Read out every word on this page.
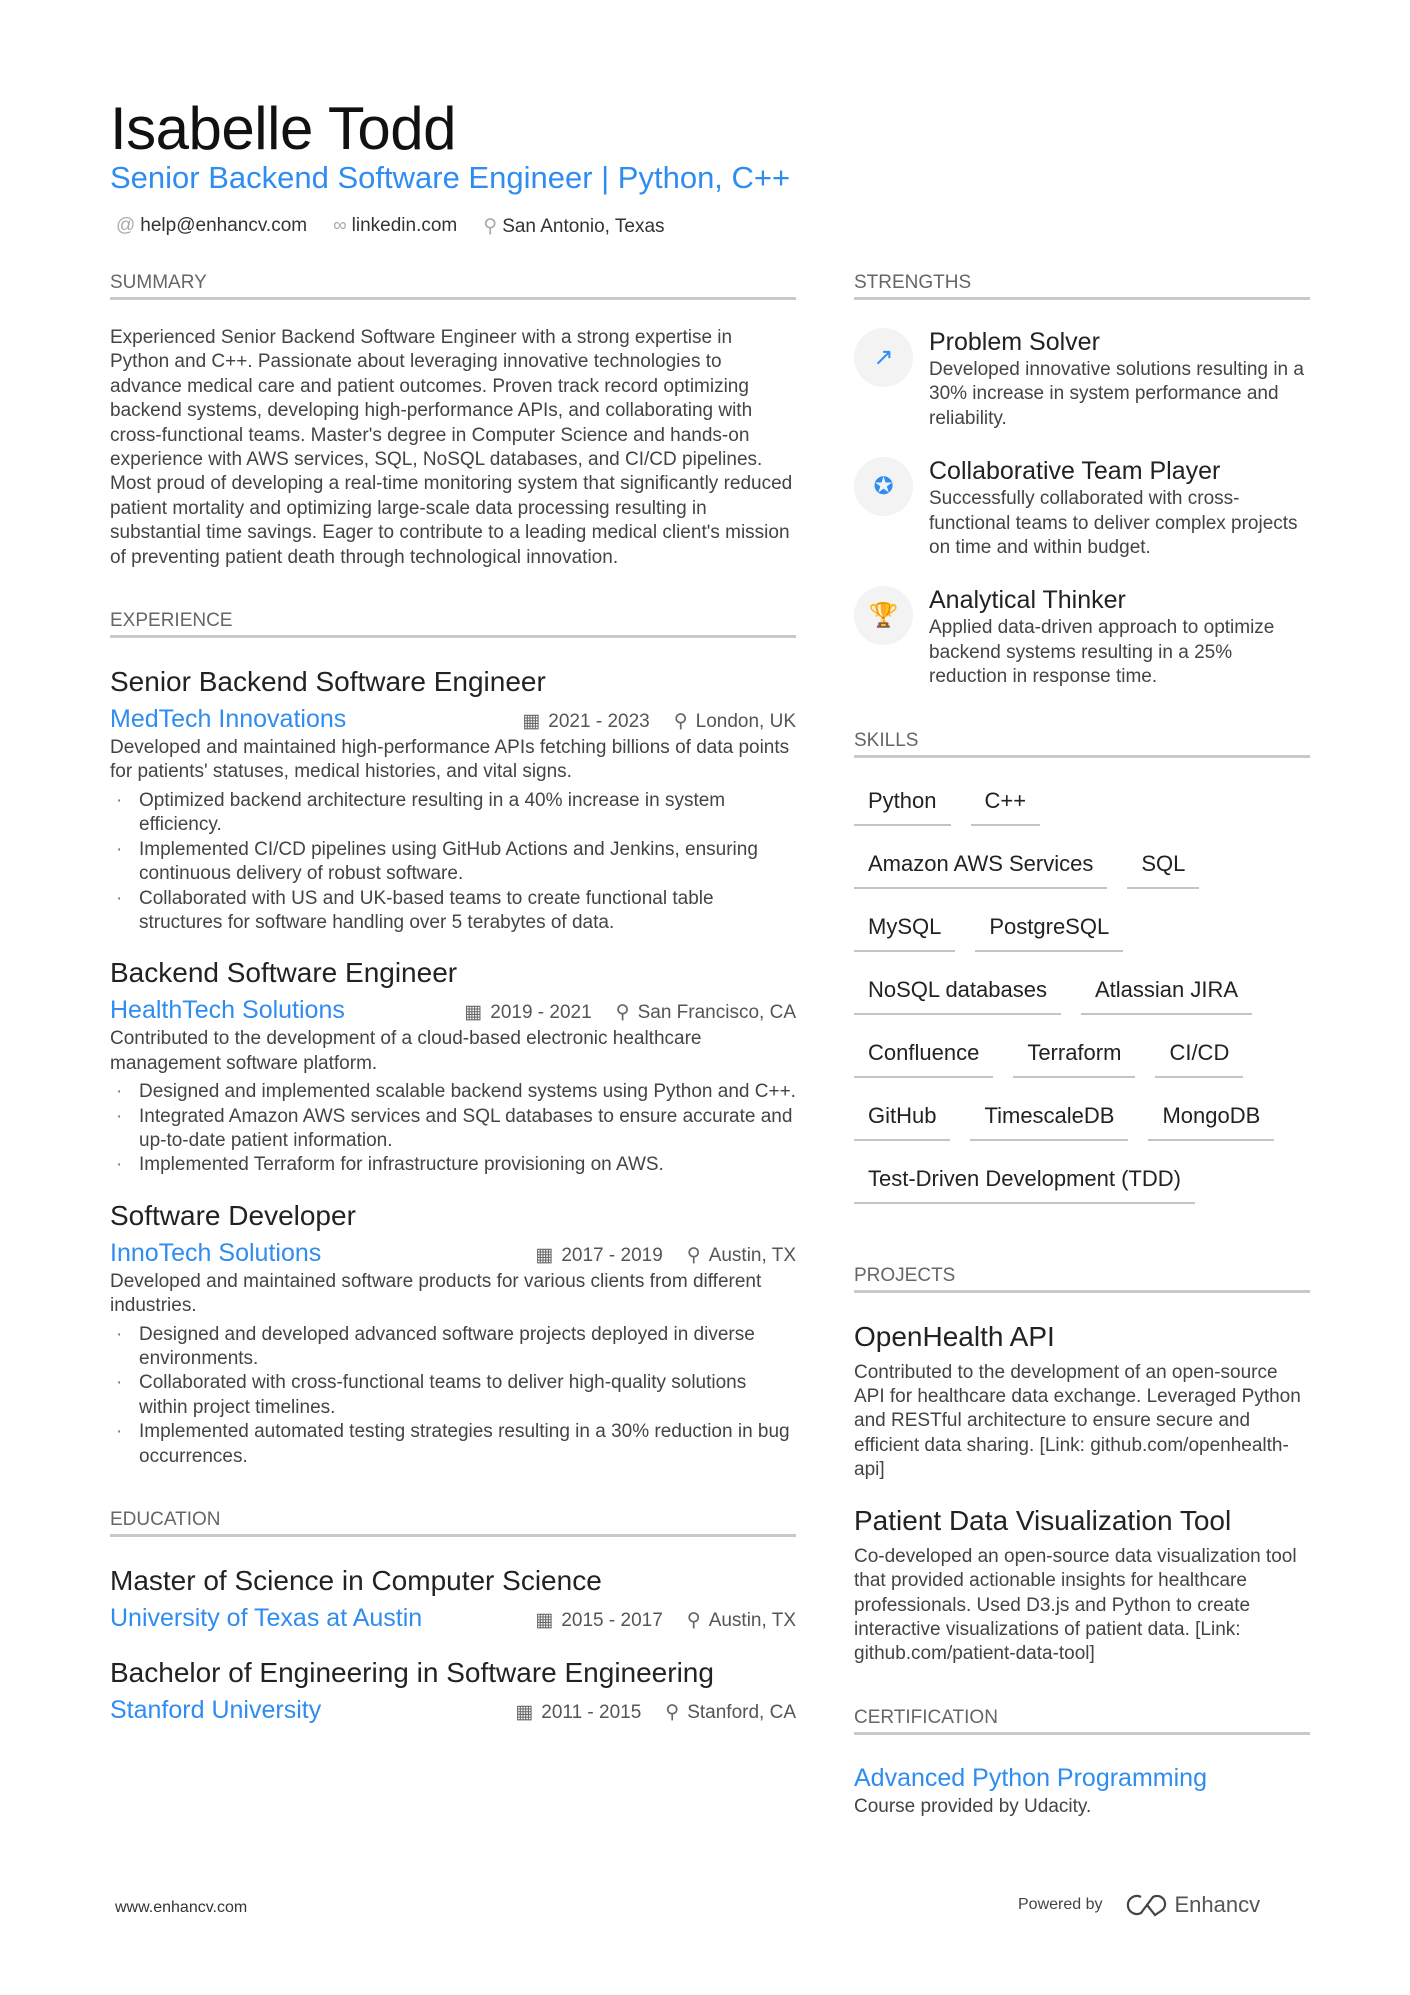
Isabelle Todd
Senior Backend Software Engineer | Python, C++
@ help@enhancv.com ∞ linkedin.com ⚲ San Antonio, Texas
SUMMARY
Experienced Senior Backend Software Engineer with a strong expertise in Python and C++. Passionate about leveraging innovative technologies to advance medical care and patient outcomes. Proven track record optimizing backend systems, developing high-performance APIs, and collaborating with cross-functional teams. Master's degree in Computer Science and hands-on experience with AWS services, SQL, NoSQL databases, and CI/CD pipelines. Most proud of developing a real-time monitoring system that significantly reduced patient mortality and optimizing large-scale data processing resulting in substantial time savings. Eager to contribute to a leading medical client's mission of preventing patient death through technological innovation.
EXPERIENCE
Senior Backend Software Engineer
MedTech Innovations	▦ 2021 - 2023 ⚲ London, UK
Developed and maintained high-performance APIs fetching billions of data points for patients' statuses, medical histories, and vital signs.
· Optimized backend architecture resulting in a 40% increase in system efficiency.
· Implemented CI/CD pipelines using GitHub Actions and Jenkins, ensuring continuous delivery of robust software.
· Collaborated with US and UK-based teams to create functional table structures for software handling over 5 terabytes of data.
Backend Software Engineer
HealthTech Solutions	▦ 2019 - 2021 ⚲ San Francisco, CA
Contributed to the development of a cloud-based electronic healthcare management software platform.
· Designed and implemented scalable backend systems using Python and C++.
· Integrated Amazon AWS services and SQL databases to ensure accurate and up-to-date patient information.
· Implemented Terraform for infrastructure provisioning on AWS.
Software Developer
InnoTech Solutions	▦ 2017 - 2019 ⚲ Austin, TX
Developed and maintained software products for various clients from different industries.
· Designed and developed advanced software projects deployed in diverse environments.
· Collaborated with cross-functional teams to deliver high-quality solutions within project timelines.
· Implemented automated testing strategies resulting in a 30% reduction in bug occurrences.
EDUCATION
Master of Science in Computer Science
University of Texas at Austin	▦ 2015 - 2017 ⚲ Austin, TX
Bachelor of Engineering in Software Engineering
Stanford University	▦ 2011 - 2015 ⚲ Stanford, CA
STRENGTHS
↗
Problem Solver
Developed innovative solutions resulting in a 30% increase in system performance and reliability.
✪
Collaborative Team Player
Successfully collaborated with cross-functional teams to deliver complex projects on time and within budget.
🏆
Analytical Thinker
Applied data-driven approach to optimize backend systems resulting in a 25% reduction in response time.
SKILLS
Python	C++
Amazon AWS Services	SQL
MySQL	PostgreSQL
NoSQL databases	Atlassian JIRA
Confluence	Terraform	CI/CD
GitHub	TimescaleDB	MongoDB
Test-Driven Development (TDD)
PROJECTS
OpenHealth API
Contributed to the development of an open-source API for healthcare data exchange. Leveraged Python and RESTful architecture to ensure secure and efficient data sharing. [Link: github.com/openhealth-api]
Patient Data Visualization Tool
Co-developed an open-source data visualization tool that provided actionable insights for healthcare professionals. Used D3.js and Python to create interactive visualizations of patient data. [Link: github.com/patient-data-tool]
CERTIFICATION
Advanced Python Programming
Course provided by Udacity.
www.enhancv.com	Powered by	Enhancv
